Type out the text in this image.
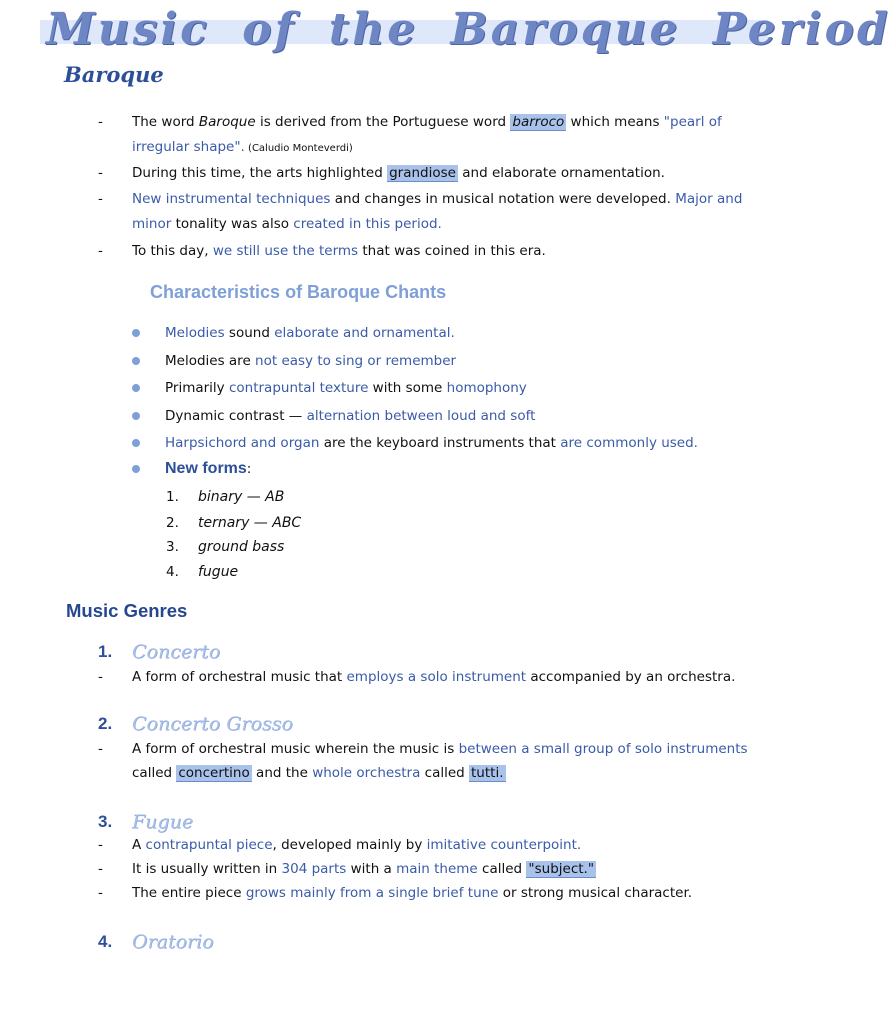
Music of the Baroque Period
Baroque
-	The word Baroque is derived from the Portuguese word barroco which means "pearl of
irregular shape". (Caludio Monteverdi)
-	During this time, the arts highlighted grandiose and elaborate ornamentation.
-	New instrumental techniques and changes in musical notation were developed. Major and
minor tonality was also created in this period.
-	To this day, we still use the terms that was coined in this era.
Characteristics of Baroque Chants
Melodies sound elaborate and ornamental.
Melodies are not easy to sing or remember
Primarily contrapuntal texture with some homophony
Dynamic contrast — alternation between loud and soft
Harpsichord and organ are the keyboard instruments that are commonly used.
New forms:
1. binary — AB
2. ternary — ABC
3. ground bass
4. fugue
Music Genres
1. Concerto
-	A form of orchestral music that employs a solo instrument accompanied by an orchestra.
2. Concerto Grosso
-	A form of orchestral music wherein the music is between a small group of solo instruments
called concertino and the whole orchestra called tutti.
3. Fugue
-	A contrapuntal piece, developed mainly by imitative counterpoint.
-	It is usually written in 304 parts with a main theme called "subject."
-	The entire piece grows mainly from a single brief tune or strong musical character.
4. Oratorio
